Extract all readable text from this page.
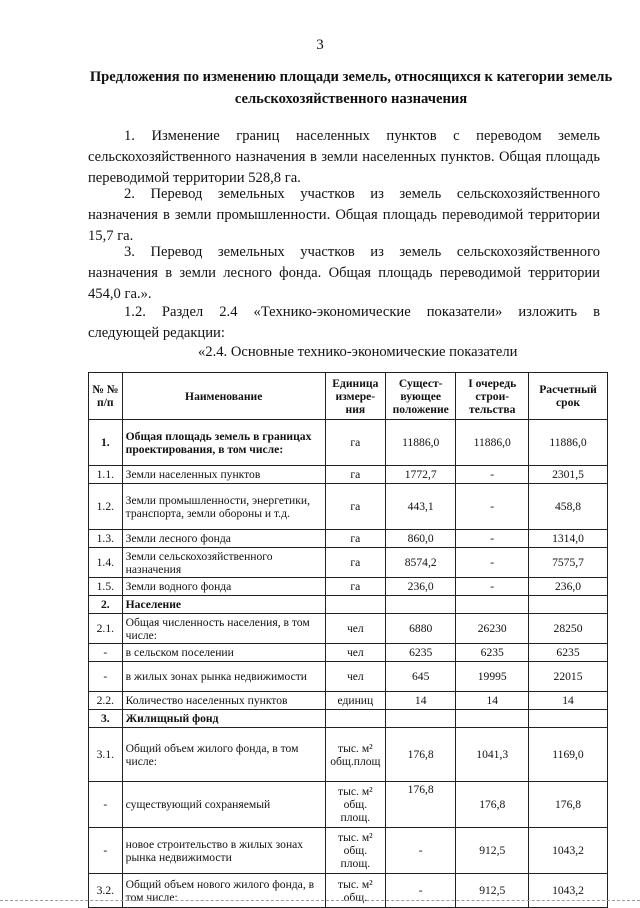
3
Предложения по изменению площади земель, относящихся к категории земель сельскохозяйственного назначения
1. Изменение границ населенных пунктов с переводом земель сельскохозяйственного назначения в земли населенных пунктов. Общая площадь переводимой территории 528,8 га.
2. Перевод земельных участков из земель сельскохозяйственного назначения в земли промышленности. Общая площадь переводимой территории 15,7 га.
3. Перевод земельных участков из земель сельскохозяйственного назначения в земли лесного фонда. Общая площадь переводимой территории 454,0 га.».
1.2. Раздел 2.4 «Технико-экономические показатели» изложить в следующей редакции:
«2.4. Основные технико-экономические показатели
№ № п/п	Наименование	Единица измере-ния	Сущест-вующее положение	I очередь строи-тельства	Расчетный срок
1.	Общая площадь земель в границах проектирования, в том числе:	га	11886,0	11886,0	11886,0
1.1.	Земли населенных пунктов	га	1772,7	-	2301,5
1.2.	Земли промышленности, энергетики, транспорта, земли обороны и т.д.	га	443,1	-	458,8
1.3.	Земли лесного фонда	га	860,0	-	1314,0
1.4.	Земли сельскохозяйственного назначения	га	8574,2	-	7575,7
1.5.	Земли водного фонда	га	236,0	-	236,0
2.	Население				
2.1.	Общая численность населения, в том числе:	чел	6880	26230	28250
-	в сельском поселении	чел	6235	6235	6235
-	в жилых зонах рынка недвижимости	чел	645	19995	22015
2.2.	Количество населенных пунктов	единиц	14	14	14
3.	Жилищный фонд				
3.1.	Общий объем жилого фонда, в том числе:	тыс. м² общ.площ	176,8	1041,3	1169,0
-	существующий сохраняемый	тыс. м² общ. площ.	176,8	176,8	176,8
-	новое строительство в жилых зонах рынка недвижимости	тыс. м² общ. площ.	-	912,5	1043,2
3.2.	Общий объем нового жилого фонда, в том числе:	тыс. м² общ.	-	912,5	1043,2
